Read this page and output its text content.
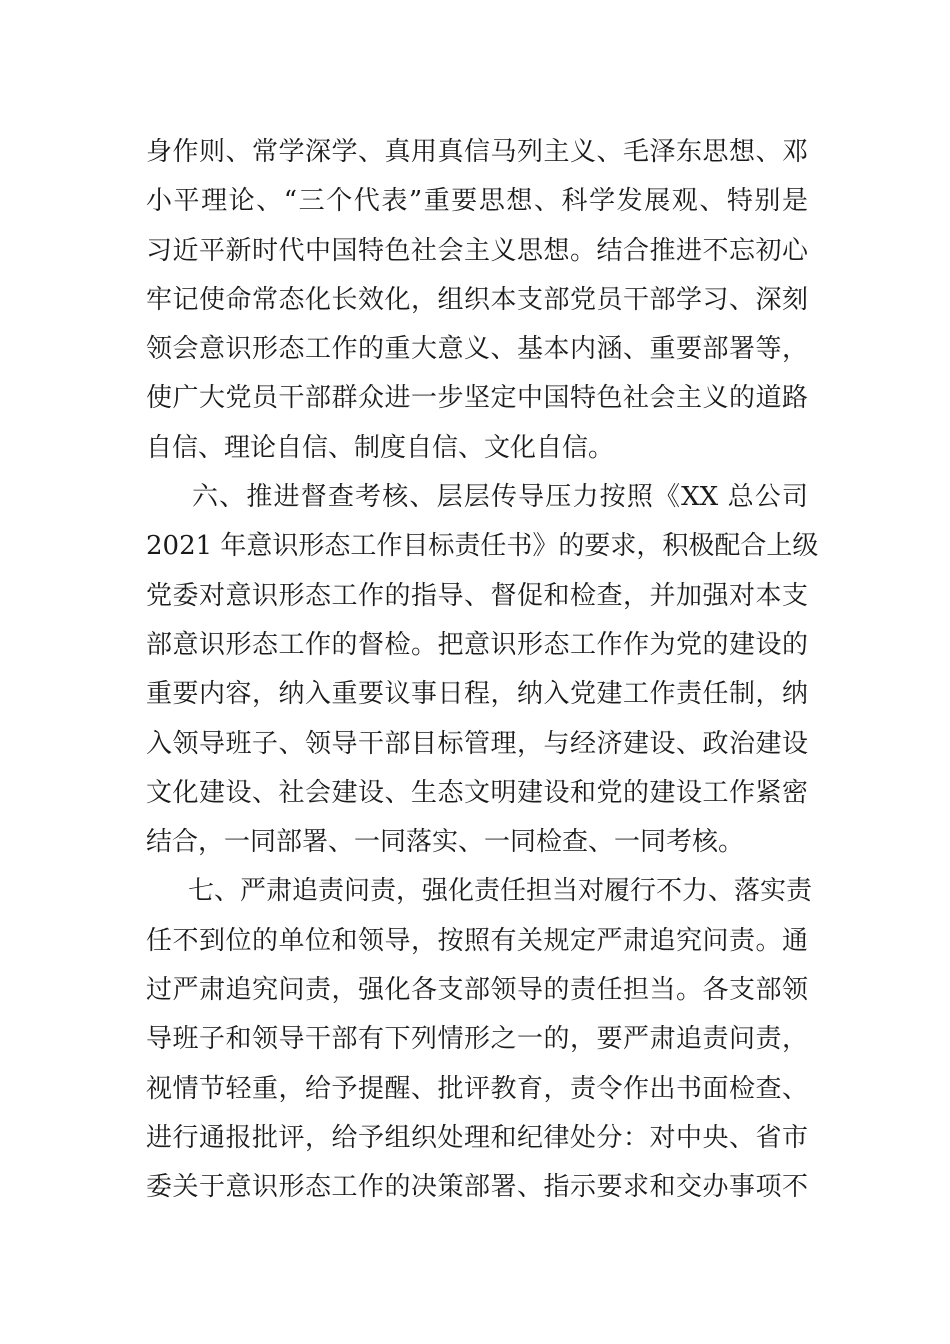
身作则、常学深学、真用真信马列主义、毛泽东思想、邓
小平理论、“三个代表”重要思想、科学发展观、特别是
习近平新时代中国特色社会主义思想。结合推进不忘初心
牢记使命常态化长效化，组织本支部党员干部学习、深刻
领会意识形态工作的重大意义、基本内涵、重要部署等，
使广大党员干部群众进一步坚定中国特色社会主义的道路
自信、理论自信、制度自信、文化自信。
六、推进督查考核、层层传导压力按照《XX 总公司
2021 年意识形态工作目标责任书》的要求，积极配合上级
党委对意识形态工作的指导、督促和检查，并加强对本支
部意识形态工作的督检。把意识形态工作作为党的建设的
重要内容，纳入重要议事日程，纳入党建工作责任制，纳
入领导班子、领导干部目标管理，与经济建设、政治建设
文化建设、社会建设、生态文明建设和党的建设工作紧密
结合，一同部署、一同落实、一同检查、一同考核。
七、严肃追责问责，强化责任担当对履行不力、落实责
任不到位的单位和领导，按照有关规定严肃追究问责。通
过严肃追究问责，强化各支部领导的责任担当。各支部领
导班子和领导干部有下列情形之一的，要严肃追责问责，
视情节轻重，给予提醒、批评教育，责令作出书面检查、
进行通报批评，给予组织处理和纪律处分：对中央、省市
委关于意识形态工作的决策部署、指示要求和交办事项不
